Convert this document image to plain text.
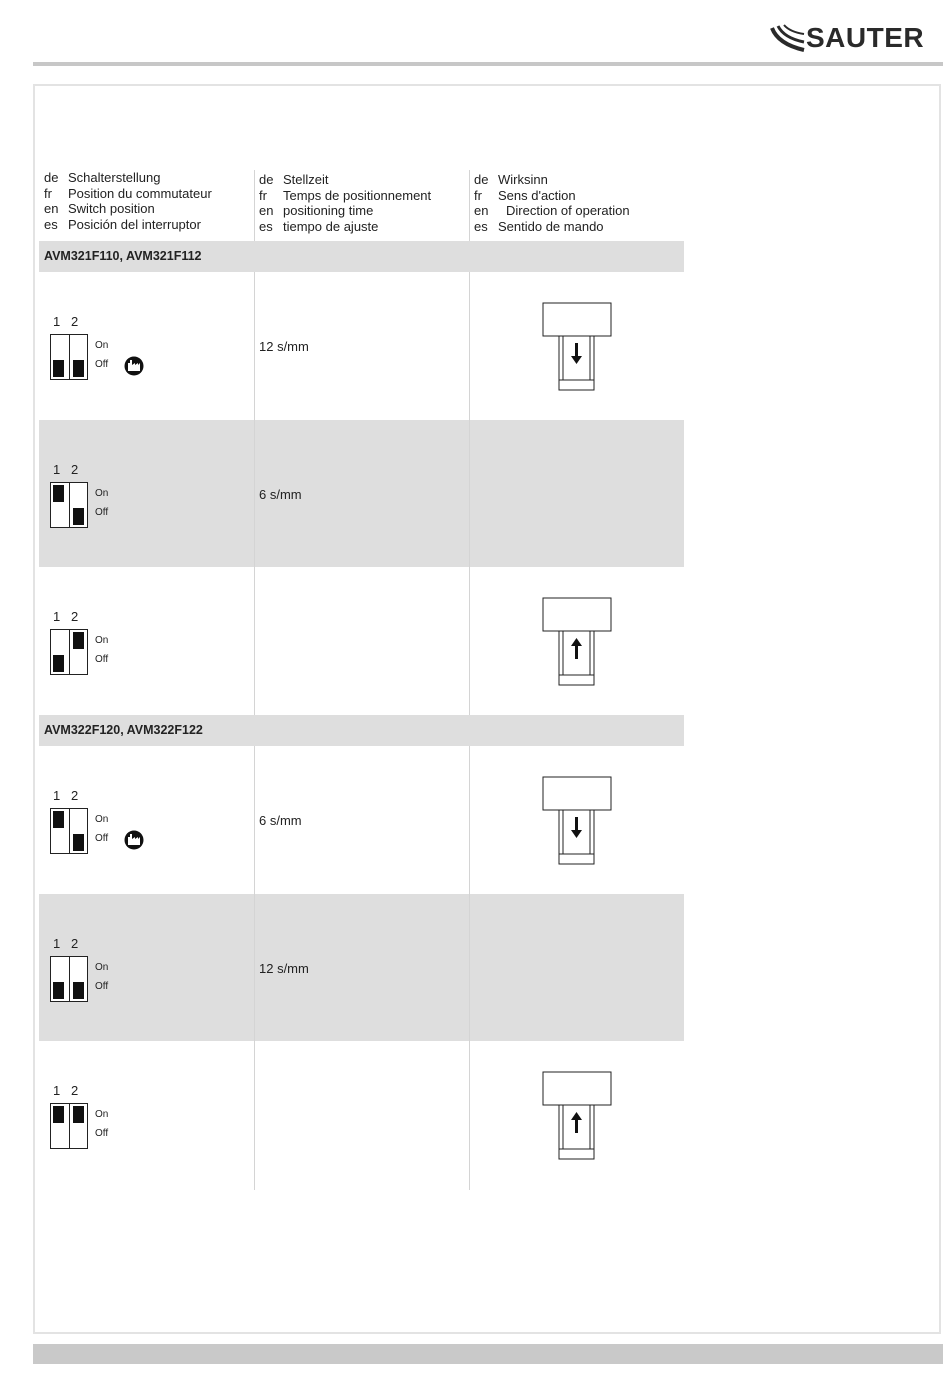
SAUTER
de Schalterstellung
fr Position du commutateur
en Switch position
es Posición del interruptor
de Stellzeit
fr Temps de positionnement
en positioning time
es tiempo de ajuste
de Wirksinn
fr Sens d'action
en Direction of operation
es Sentido de mando
AVM321F110, AVM321F112
AVM322F120, AVM322F122
1 2
On
Off
12 s/mm
1 2
On
Off
6 s/mm
1 2
On
Off
1 2
On
Off
6 s/mm
1 2
On
Off
12 s/mm
1 2
On
Off
